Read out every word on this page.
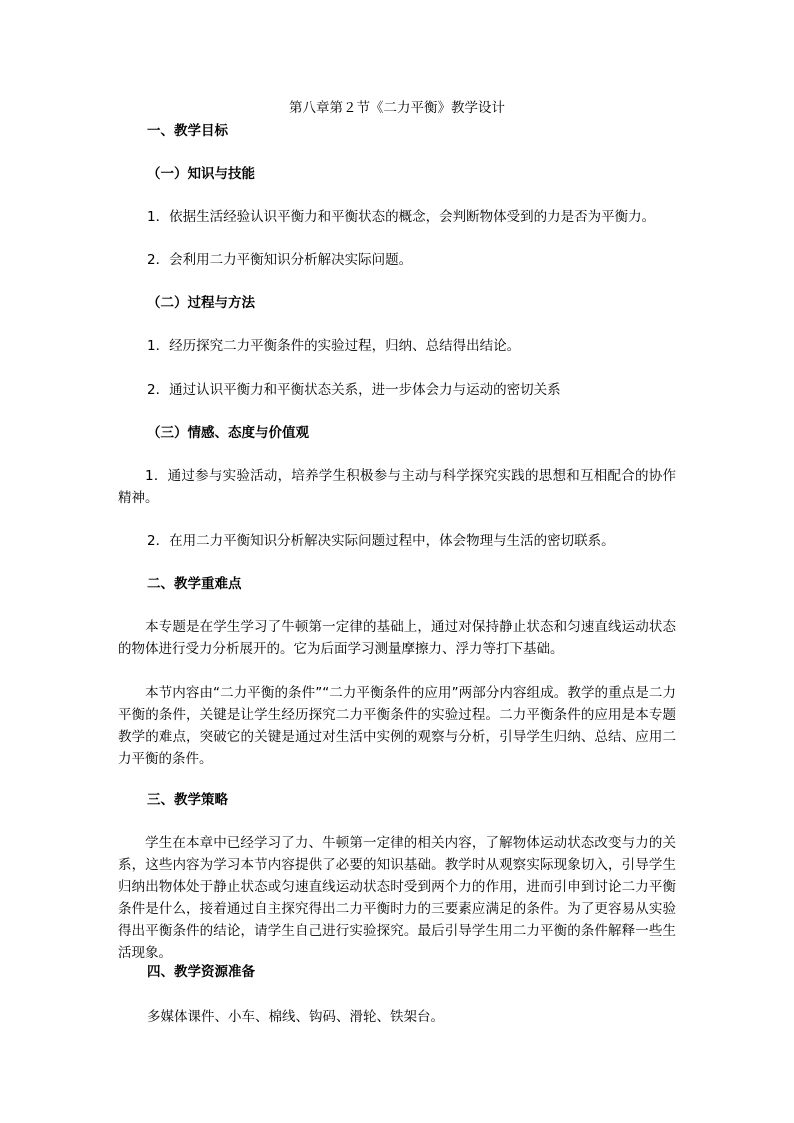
第八章第２节《二力平衡》教学设计
一、教学目标
（一）知识与技能
1．依据生活经验认识平衡力和平衡状态的概念，会判断物体受到的力是否为平衡力。
2．会利用二力平衡知识分析解决实际问题。
（二）过程与方法
1．经历探究二力平衡条件的实验过程，归纳、总结得出结论。
2．通过认识平衡力和平衡状态关系，进一步体会力与运动的密切关系
（三）情感、态度与价值观
1．通过参与实验活动，培养学生积极参与主动与科学探究实践的思想和互相配合的协作精神。
2．在用二力平衡知识分析解决实际问题过程中，体会物理与生活的密切联系。
二、教学重难点
本专题是在学生学习了牛顿第一定律的基础上，通过对保持静止状态和匀速直线运动状态的物体进行受力分析展开的。它为后面学习测量摩擦力、浮力等打下基础。
本节内容由“二力平衡的条件”“二力平衡条件的应用”两部分内容组成。教学的重点是二力平衡的条件，关键是让学生经历探究二力平衡条件的实验过程。二力平衡条件的应用是本专题教学的难点，突破它的关键是通过对生活中实例的观察与分析，引导学生归纳、总结、应用二力平衡的条件。
三、教学策略
学生在本章中已经学习了力、牛顿第一定律的相关内容，了解物体运动状态改变与力的关系，这些内容为学习本节内容提供了必要的知识基础。教学时从观察实际现象切入，引导学生归纳出物体处于静止状态或匀速直线运动状态时受到两个力的作用，进而引申到讨论二力平衡条件是什么，接着通过自主探究得出二力平衡时力的三要素应满足的条件。为了更容易从实验得出平衡条件的结论，请学生自己进行实验探究。最后引导学生用二力平衡的条件解释一些生活现象。
四、教学资源准备
多媒体课件、小车、棉线、钩码、滑轮、铁架台。
